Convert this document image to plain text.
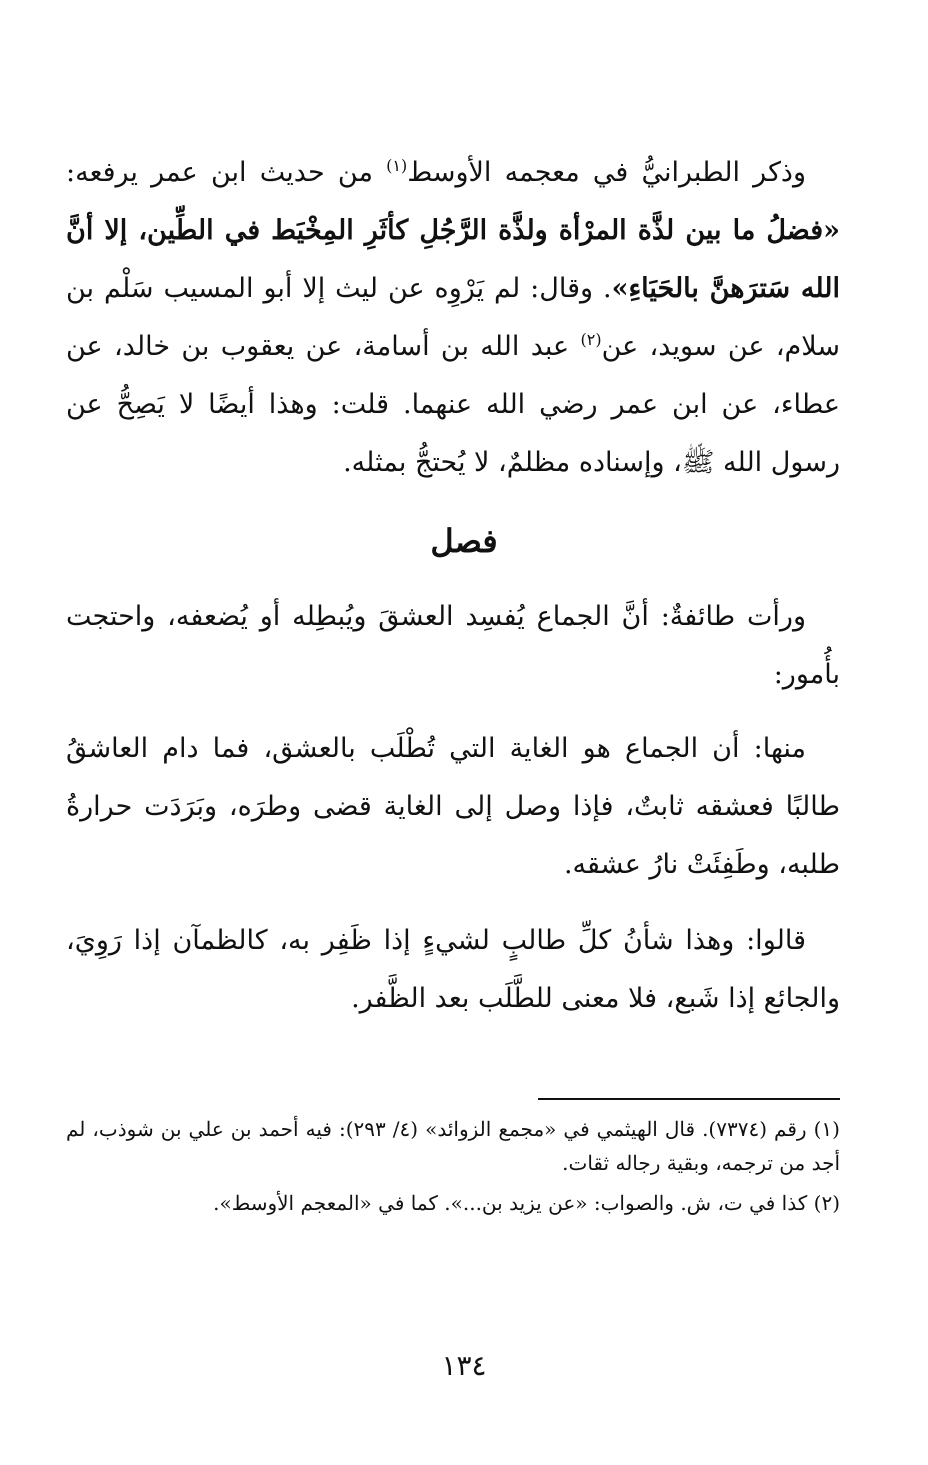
وذكر الطبرانيُّ في معجمه الأوسط$^{(١)}$ من حديث ابن عمر يرفعه: «فضلُ ما بين لذَّة المرْأة ولذَّة الرَّجُلِ كأثَرِ المِخْيَط في الطِّين، إلا أنَّ الله سَترَهنَّ بالحَيَاءِ». وقال: لم يَرْوِه عن ليث إلا أبو المسيب سَلْم بن سلام، عن سويد، عن$^{(٢)}$ عبد الله بن أسامة، عن يعقوب بن خالد، عن عطاء، عن ابن عمر رضي الله عنهما. قلت: وهذا أيضًا لا يَصِحُّ عن رسول الله ﷺ، وإسناده مظلمٌ، لا يُحتجُّ بمثله.
فصل
ورأت طائفةٌ: أنَّ الجماع يُفسِد العشقَ ويُبطِله أو يُضعفه، واحتجت بأُمور:
منها: أن الجماع هو الغاية التي تُطْلَب بالعشق، فما دام العاشقُ طالبًا فعشقه ثابتٌ، فإذا وصل إلى الغاية قضى وطرَه، وبَرَدَت حرارةُ طلبه، وطَفِئَتْ نارُ عشقه.
قالوا: وهذا شأنُ كلِّ طالبٍ لشيءٍ إذا ظَفِر به، كالظمآن إذا رَوِيَ، والجائع إذا شَبع، فلا معنى للطَّلَب بعد الظَّفر.

(١) رقم (٧٣٧٤). قال الهيثمي في «مجمع الزوائد» (٤/ ٢٩٣): فيه أحمد بن علي بن شوذب، لم أجد من ترجمه، وبقية رجاله ثقات.

(٢) كذا في ت، ش. والصواب: «عن يزيد بن...». كما في «المعجم الأوسط».

١٣٤
